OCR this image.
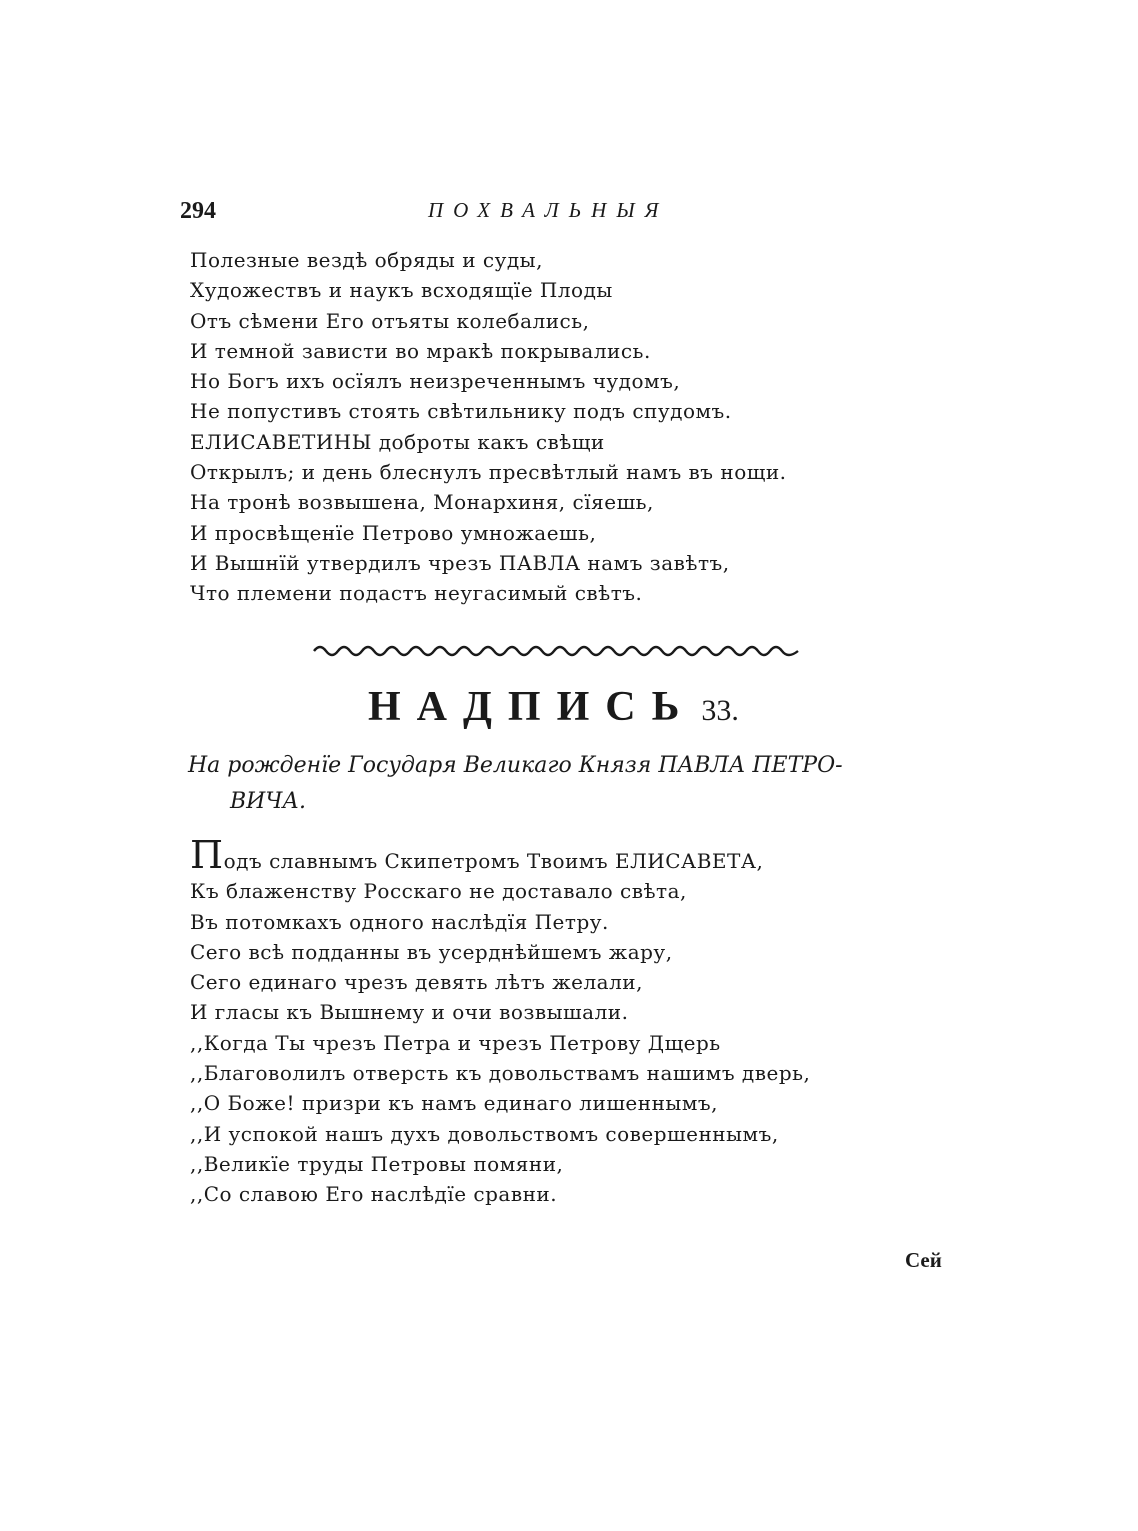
294	ПОХВАЛЬНЫЯ
Полезные вездѣ обряды и суды,
Художествъ и наукъ всходящїе Плоды
Отъ сѣмени Его отъяты колебались,
И темной зависти во мракѣ покрывались.
Но Богъ ихъ осїялъ неизреченнымъ чудомъ,
Не попустивъ стоять свѣтильнику подъ спудомъ.
ЕЛИСАВЕТИНЫ доброты какъ свѣщи
Открылъ; и день блеснулъ пресвѣтлый намъ въ нощи.
На тронѣ возвышена, Монархиня, сїяешь,
И просвѣщенїе Петрово умножаешь,
И Вышнїй утвердилъ чрезъ ПАВЛА намъ завѣтъ,
Что племени подастъ неугасимый свѣтъ.
НАДПИСЬ 33.
На рожденїе Государя Великаго Князя ПАВЛА ПЕТРО-
ВИЧА.
Подъ славнымъ Скипетромъ Твоимъ ЕЛИСАВЕТА,
Къ блаженству Росскаго не доставало свѣта,
Въ потомкахъ одного наслѣдїя Петру.
Сего всѣ подданны въ усерднѣйшемъ жару,
Сего единаго чрезъ девять лѣтъ желали,
И гласы къ Вышнему и очи возвышали.
,,Когда Ты чрезъ Петра и чрезъ Петрову Дщерь
,,Благоволилъ отверсть къ довольствамъ нашимъ дверь,
,,О Боже! призри къ намъ единаго лишеннымъ,
,,И успокой нашъ духъ довольствомъ совершеннымъ,
,,Великїе труды Петровы помяни,
,,Со славою Его наслѣдїе сравни.
Сей
